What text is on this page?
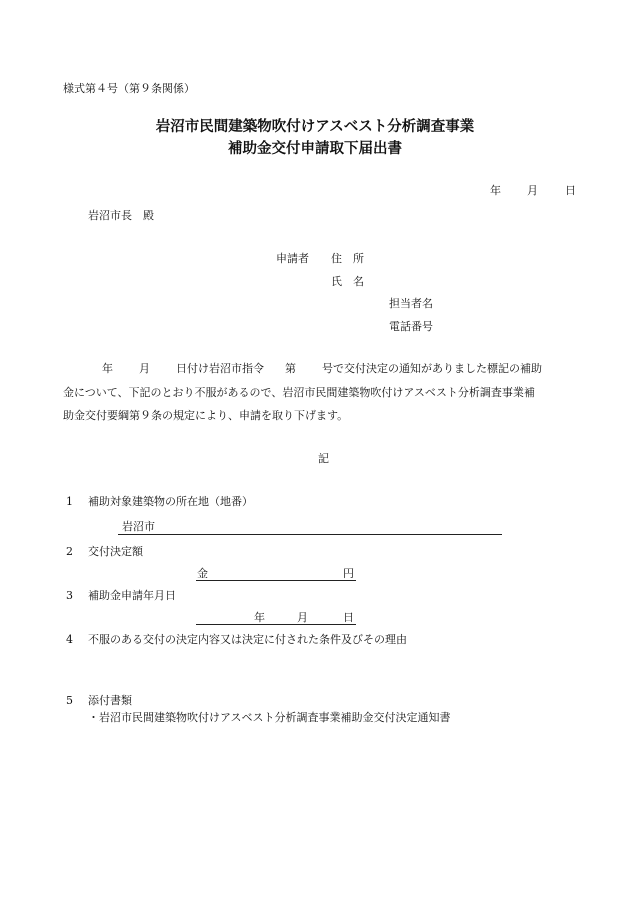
様式第４号（第９条関係）
岩沼市民間建築物吹付けアスベスト分析調査事業
補助金交付申請取下届出書
年 月 日
岩沼市長　殿
申請者 住　所
氏　名
担当者名
電話番号
年 月 日付け岩沼市指令 第 号で交付決定の通知がありました標記の補助
金について、下記のとおり不服があるので、岩沼市民間建築物吹付けアスベスト分析調査事業補
助金交付要綱第９条の規定により、申請を取り下げます。
記
1 補助対象建築物の所在地（地番）
岩沼市
2 交付決定額
金	円
3 補助金申請年月日
年	月	日
4 不服のある交付の決定内容又は決定に付された条件及びその理由
5 添付書類
・岩沼市民間建築物吹付けアスベスト分析調査事業補助金交付決定通知書
